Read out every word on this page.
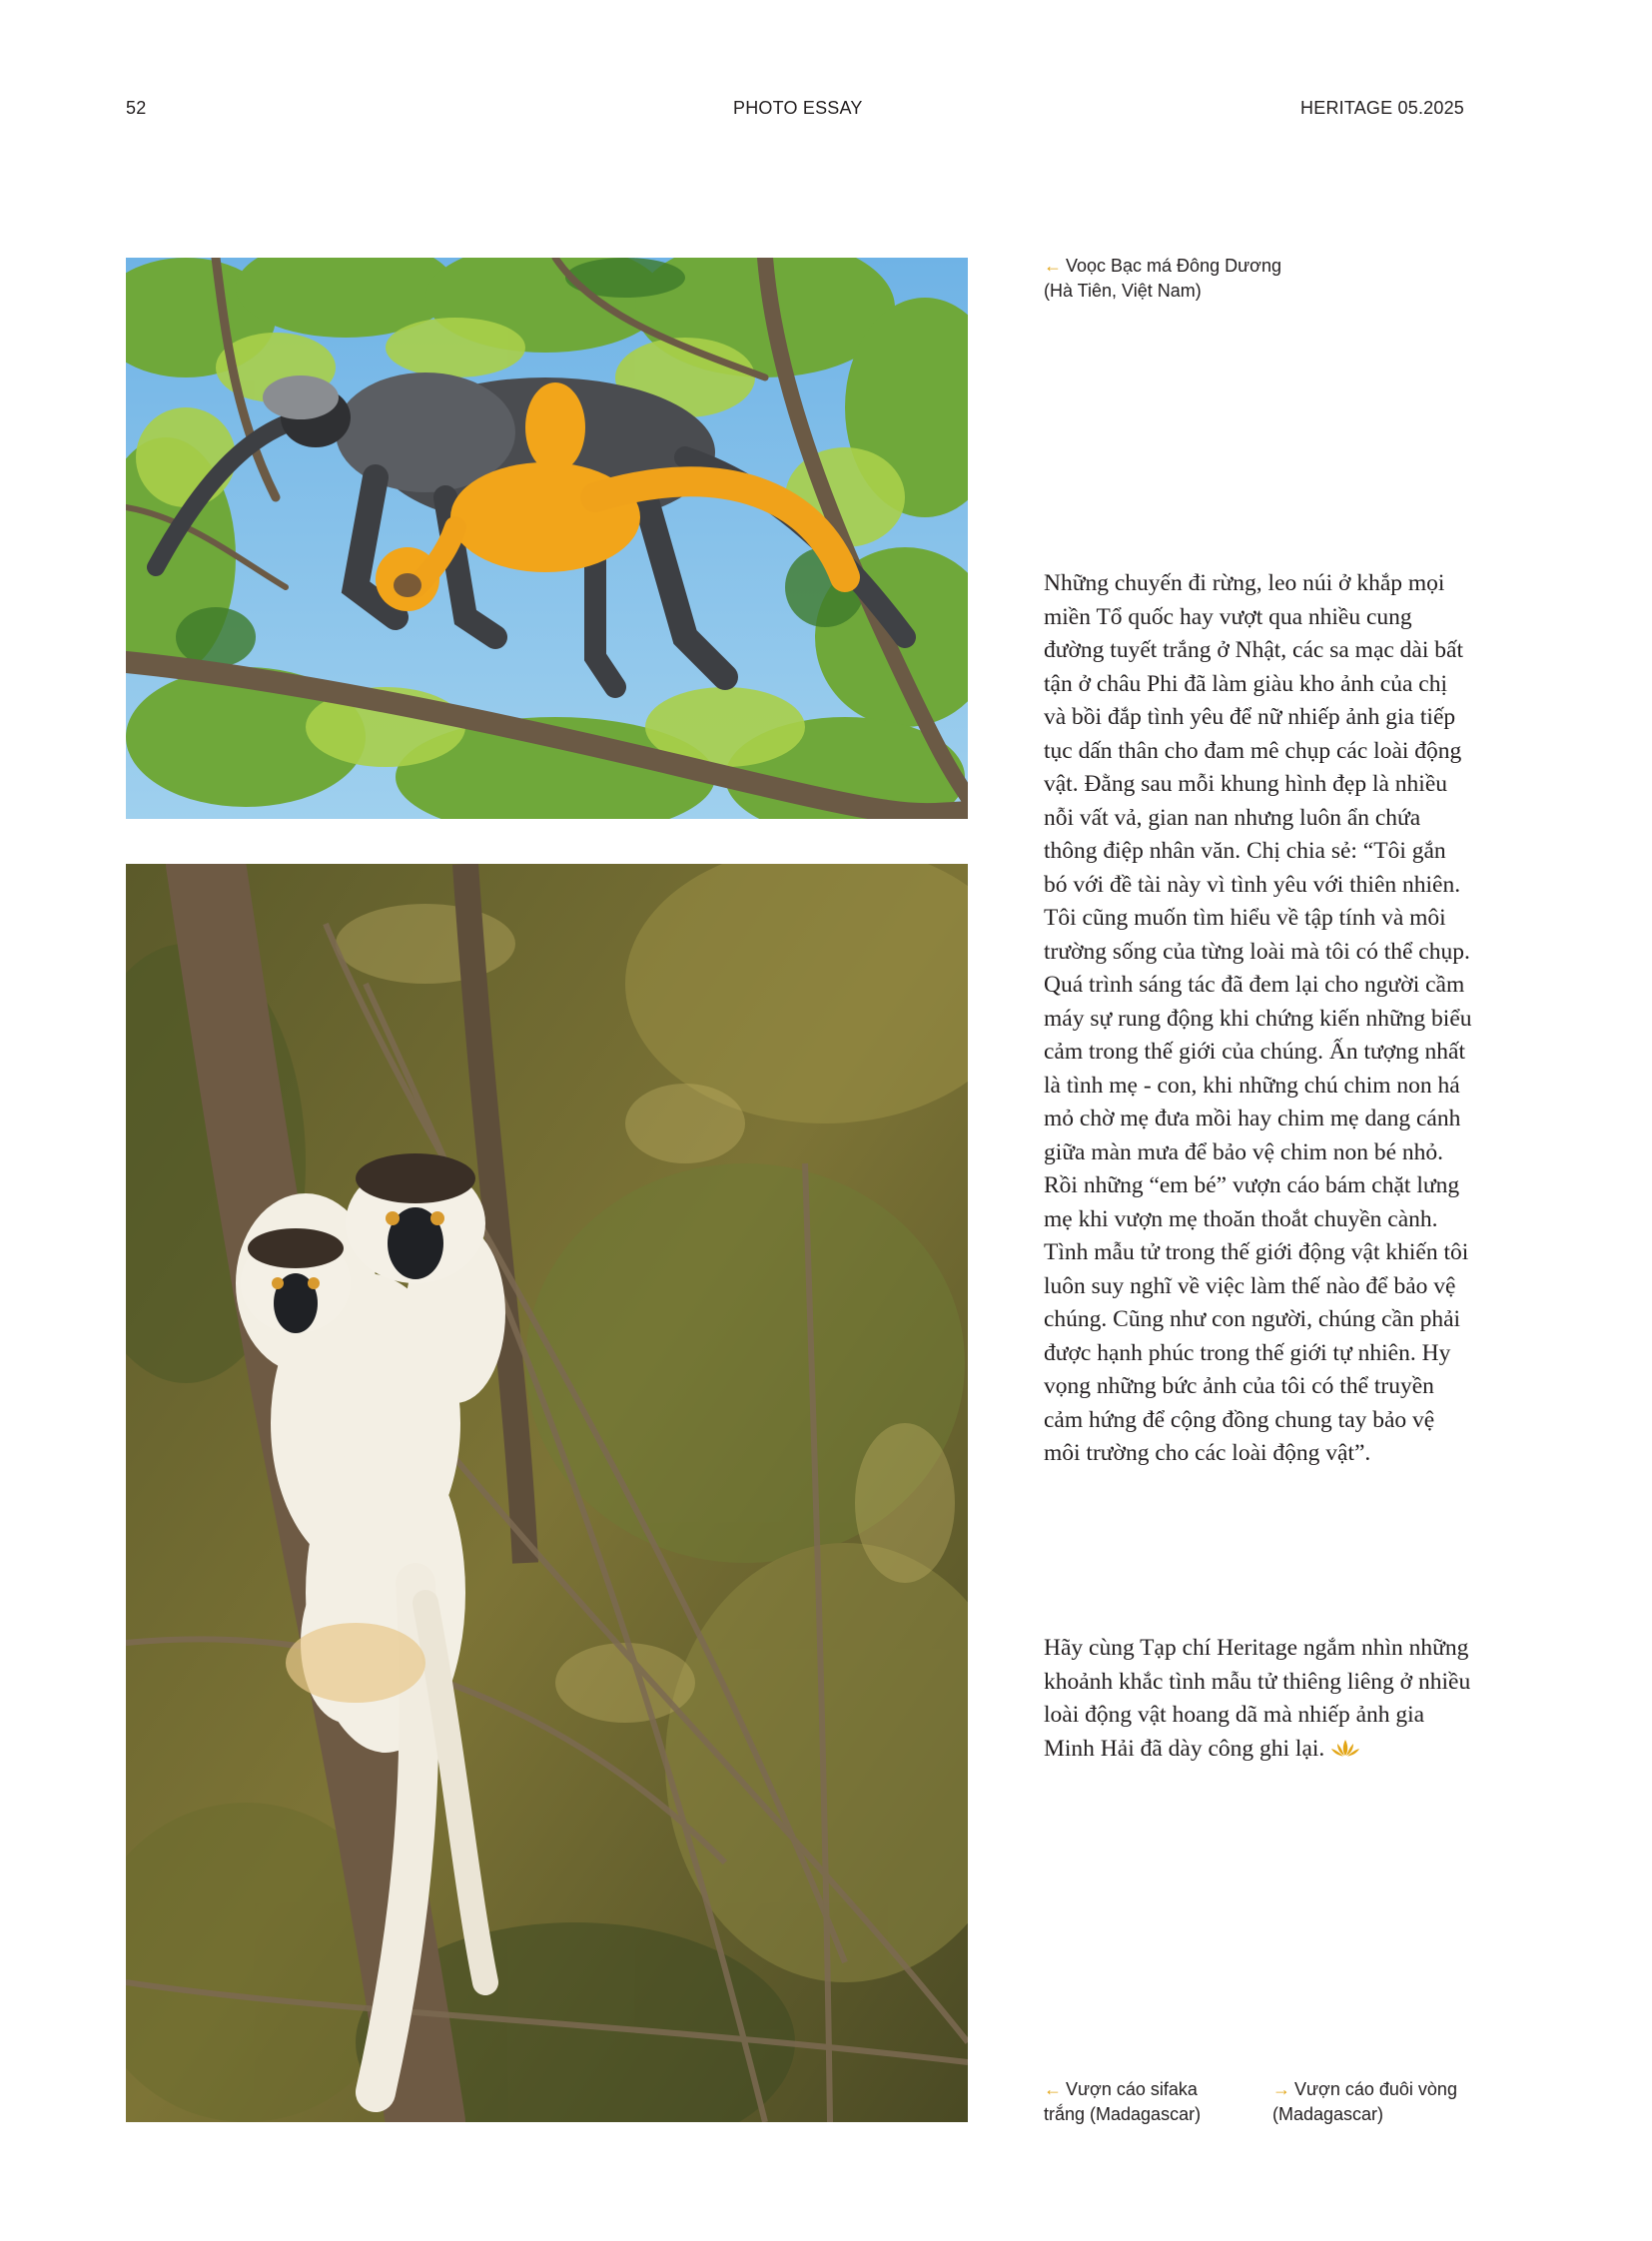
52	PHOTO ESSAY	HERITAGE 05.2025
← Voọc Bạc má Đông Dương
(Hà Tiên, Việt Nam)
← Vượn cáo sifaka
trắng (Madagascar)
→ Vượn cáo đuôi vòng
(Madagascar)
Những chuyến đi rừng, leo núi ở khắp mọi miền Tổ quốc hay vượt qua nhiều cung đường tuyết trắng ở Nhật, các sa mạc dài bất tận ở châu Phi đã làm giàu kho ảnh của chị và bồi đắp tình yêu để nữ nhiếp ảnh gia tiếp tục dấn thân cho đam mê chụp các loài động vật. Đằng sau mỗi khung hình đẹp là nhiều nỗi vất vả, gian nan nhưng luôn ẩn chứa thông điệp nhân văn. Chị chia sẻ: “Tôi gắn bó với đề tài này vì tình yêu với thiên nhiên. Tôi cũng muốn tìm hiểu về tập tính và môi trường sống của từng loài mà tôi có thể chụp. Quá trình sáng tác đã đem lại cho người cầm máy sự rung động khi chứng kiến những biểu cảm trong thế giới của chúng. Ấn tượng nhất là tình mẹ - con, khi những chú chim non há mỏ chờ mẹ đưa mồi hay chim mẹ dang cánh giữa màn mưa để bảo vệ chim non bé nhỏ. Rồi những “em bé” vượn cáo bám chặt lưng mẹ khi vượn mẹ thoăn thoắt chuyền cành. Tình mẫu tử trong thế giới động vật khiến tôi luôn suy nghĩ về việc làm thế nào để bảo vệ chúng. Cũng như con người, chúng cần phải được hạnh phúc trong thế giới tự nhiên. Hy vọng những bức ảnh của tôi có thể truyền cảm hứng để cộng đồng chung tay bảo vệ môi trường cho các loài động vật”.
Hãy cùng Tạp chí Heritage ngắm nhìn những khoảnh khắc tình mẫu tử thiêng liêng ở nhiều loài động vật hoang dã mà nhiếp ảnh gia Minh Hải đã dày công ghi lại.
